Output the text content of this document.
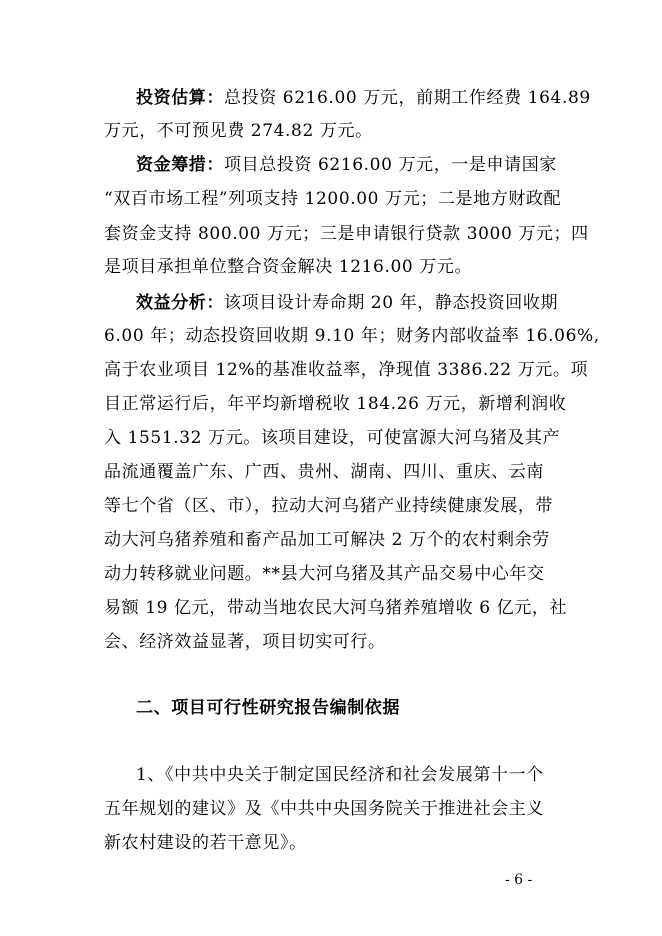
投资估算：总投资 6216.00 万元，前期工作经费 164.89
万元，不可预见费 274.82 万元。
资金筹措：项目总投资 6216.00 万元，一是申请国家
“双百市场工程”列项支持 1200.00 万元；二是地方财政配
套资金支持 800.00 万元；三是申请银行贷款 3000 万元；四
是项目承担单位整合资金解决 1216.00 万元。
效益分析：该项目设计寿命期 20 年，静态投资回收期
6.00 年；动态投资回收期 9.10 年；财务内部收益率 16.06%,
高于农业项目 12%的基准收益率，净现值 3386.22 万元。项
目正常运行后，年平均新增税收 184.26 万元，新增利润收
入 1551.32 万元。该项目建设，可使富源大河乌猪及其产
品流通覆盖广东、广西、贵州、湖南、四川、重庆、云南
等七个省（区、市），拉动大河乌猪产业持续健康发展，带
动大河乌猪养殖和畜产品加工可解决 2 万个的农村剩余劳
动力转移就业问题。**县大河乌猪及其产品交易中心年交
易额 19 亿元，带动当地农民大河乌猪养殖增收 6 亿元，社
会、经济效益显著，项目切实可行。
二、项目可行性研究报告编制依据
1、《中共中央关于制定国民经济和社会发展第十一个
五年规划的建议》及《中共中央国务院关于推进社会主义
新农村建设的若干意见》。
- 6 -
